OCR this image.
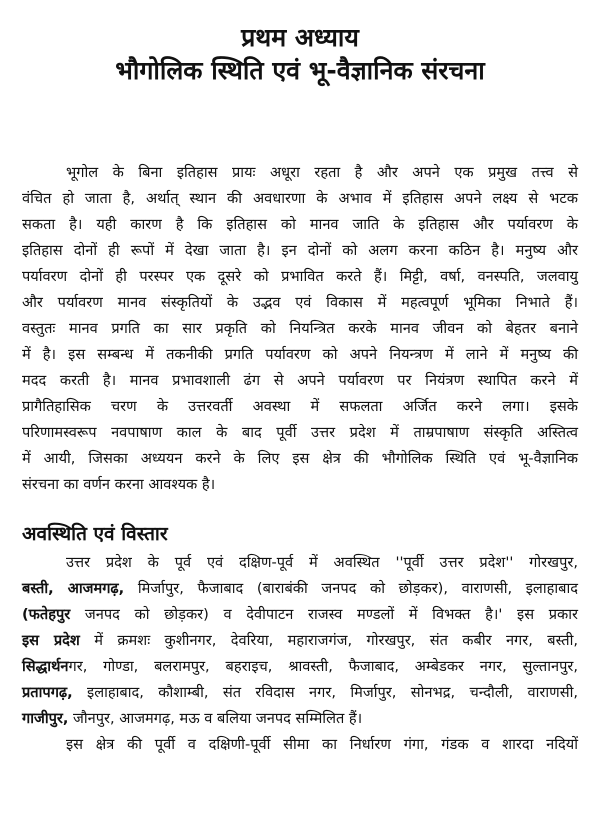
प्रथम अध्याय

भौगोलिक स्थिति एवं भू-वैज्ञानिक संरचना

भूगोल के बिना इतिहास प्रायः अधूरा रहता है और अपने एक प्रमुख तत्त्व से
वंचित हो जाता है, अर्थात् स्थान की अवधारणा के अभाव में इतिहास अपने लक्ष्य से भटक
सकता है। यही कारण है कि इतिहास को मानव जाति के इतिहास और पर्यावरण के
इतिहास दोनों ही रूपों में देखा जाता है। इन दोनों को अलग करना कठिन है। मनुष्य और
पर्यावरण दोनों ही परस्पर एक दूसरे को प्रभावित करते हैं। मिट्टी, वर्षा, वनस्पति, जलवायु
और पर्यावरण मानव संस्कृतियों के उद्भव एवं विकास में महत्वपूर्ण भूमिका निभाते हैं।
वस्तुतः मानव प्रगति का सार प्रकृति को नियन्त्रित करके मानव जीवन को बेहतर बनाने
में है। इस सम्बन्ध में तकनीकी प्रगति पर्यावरण को अपने नियन्त्रण में लाने में मनुष्य की
मदद करती है। मानव प्रभावशाली ढंग से अपने पर्यावरण पर नियंत्रण स्थापित करने में
प्रागैतिहासिक चरण के उत्तरवर्ती अवस्था में सफलता अर्जित करने लगा। इसके
परिणामस्वरूप नवपाषाण काल के बाद पूर्वी उत्तर प्रदेश में ताम्रपाषाण संस्कृति अस्तित्व
में आयी, जिसका अध्ययन करने के लिए इस क्षेत्र की भौगोलिक स्थिति एवं भू-वैज्ञानिक
संरचना का वर्णन करना आवश्यक है।
अवस्थिति एवं विस्तार
उत्तर प्रदेश के पूर्व एवं दक्षिण-पूर्व में अवस्थित ''पूर्वी उत्तर प्रदेश'' गोरखपुर,
बस्ती, आजमगढ़, मिर्जापुर, फैजाबाद (बाराबंकी जनपद को छोड़कर), वाराणसी, इलाहाबाद
(फतेहपुर जनपद को छोड़कर) व देवीपाटन राजस्व मण्डलों में विभक्त है।' इस प्रकार
इस प्रदेश में क्रमशः कुशीनगर, देवरिया, महाराजगंज, गोरखपुर, संत कबीर नगर, बस्ती,
सिद्धार्थनगर, गोण्डा, बलरामपुर, बहराइच, श्रावस्ती, फैजाबाद, अम्बेडकर नगर, सुल्तानपुर,
प्रतापगढ़, इलाहाबाद, कौशाम्बी, संत रविदास नगर, मिर्जापुर, सोनभद्र, चन्दौली, वाराणसी,
गाजीपुर, जौनपुर, आजमगढ़, मऊ व बलिया जनपद सम्मिलित हैं।
इस क्षेत्र की पूर्वी व दक्षिणी-पूर्वी सीमा का निर्धारण गंगा, गंडक व शारदा नदियों
